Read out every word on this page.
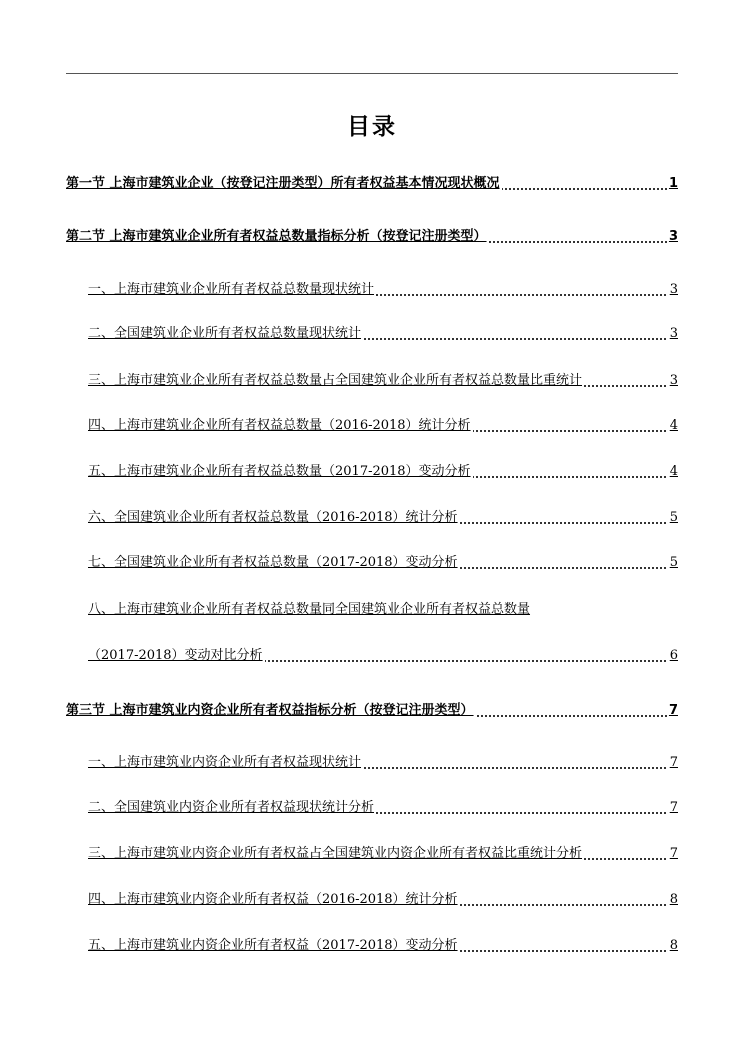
目录
第一节 上海市建筑业企业（按登记注册类型）所有者权益基本情况现状概况	1
第二节 上海市建筑业企业所有者权益总数量指标分析（按登记注册类型）	3
一、上海市建筑业企业所有者权益总数量现状统计	3
二、全国建筑业企业所有者权益总数量现状统计	3
三、上海市建筑业企业所有者权益总数量占全国建筑业企业所有者权益总数量比重统计	3
四、上海市建筑业企业所有者权益总数量（2016-2018）统计分析	4
五、上海市建筑业企业所有者权益总数量（2017-2018）变动分析	4
六、全国建筑业企业所有者权益总数量（2016-2018）统计分析	5
七、全国建筑业企业所有者权益总数量（2017-2018）变动分析	5
八、上海市建筑业企业所有者权益总数量同全国建筑业企业所有者权益总数量
（2017-2018）变动对比分析	6
第三节 上海市建筑业内资企业所有者权益指标分析（按登记注册类型）	7
一、上海市建筑业内资企业所有者权益现状统计	7
二、全国建筑业内资企业所有者权益现状统计分析	7
三、上海市建筑业内资企业所有者权益占全国建筑业内资企业所有者权益比重统计分析	7
四、上海市建筑业内资企业所有者权益（2016-2018）统计分析	8
五、上海市建筑业内资企业所有者权益（2017-2018）变动分析	8
